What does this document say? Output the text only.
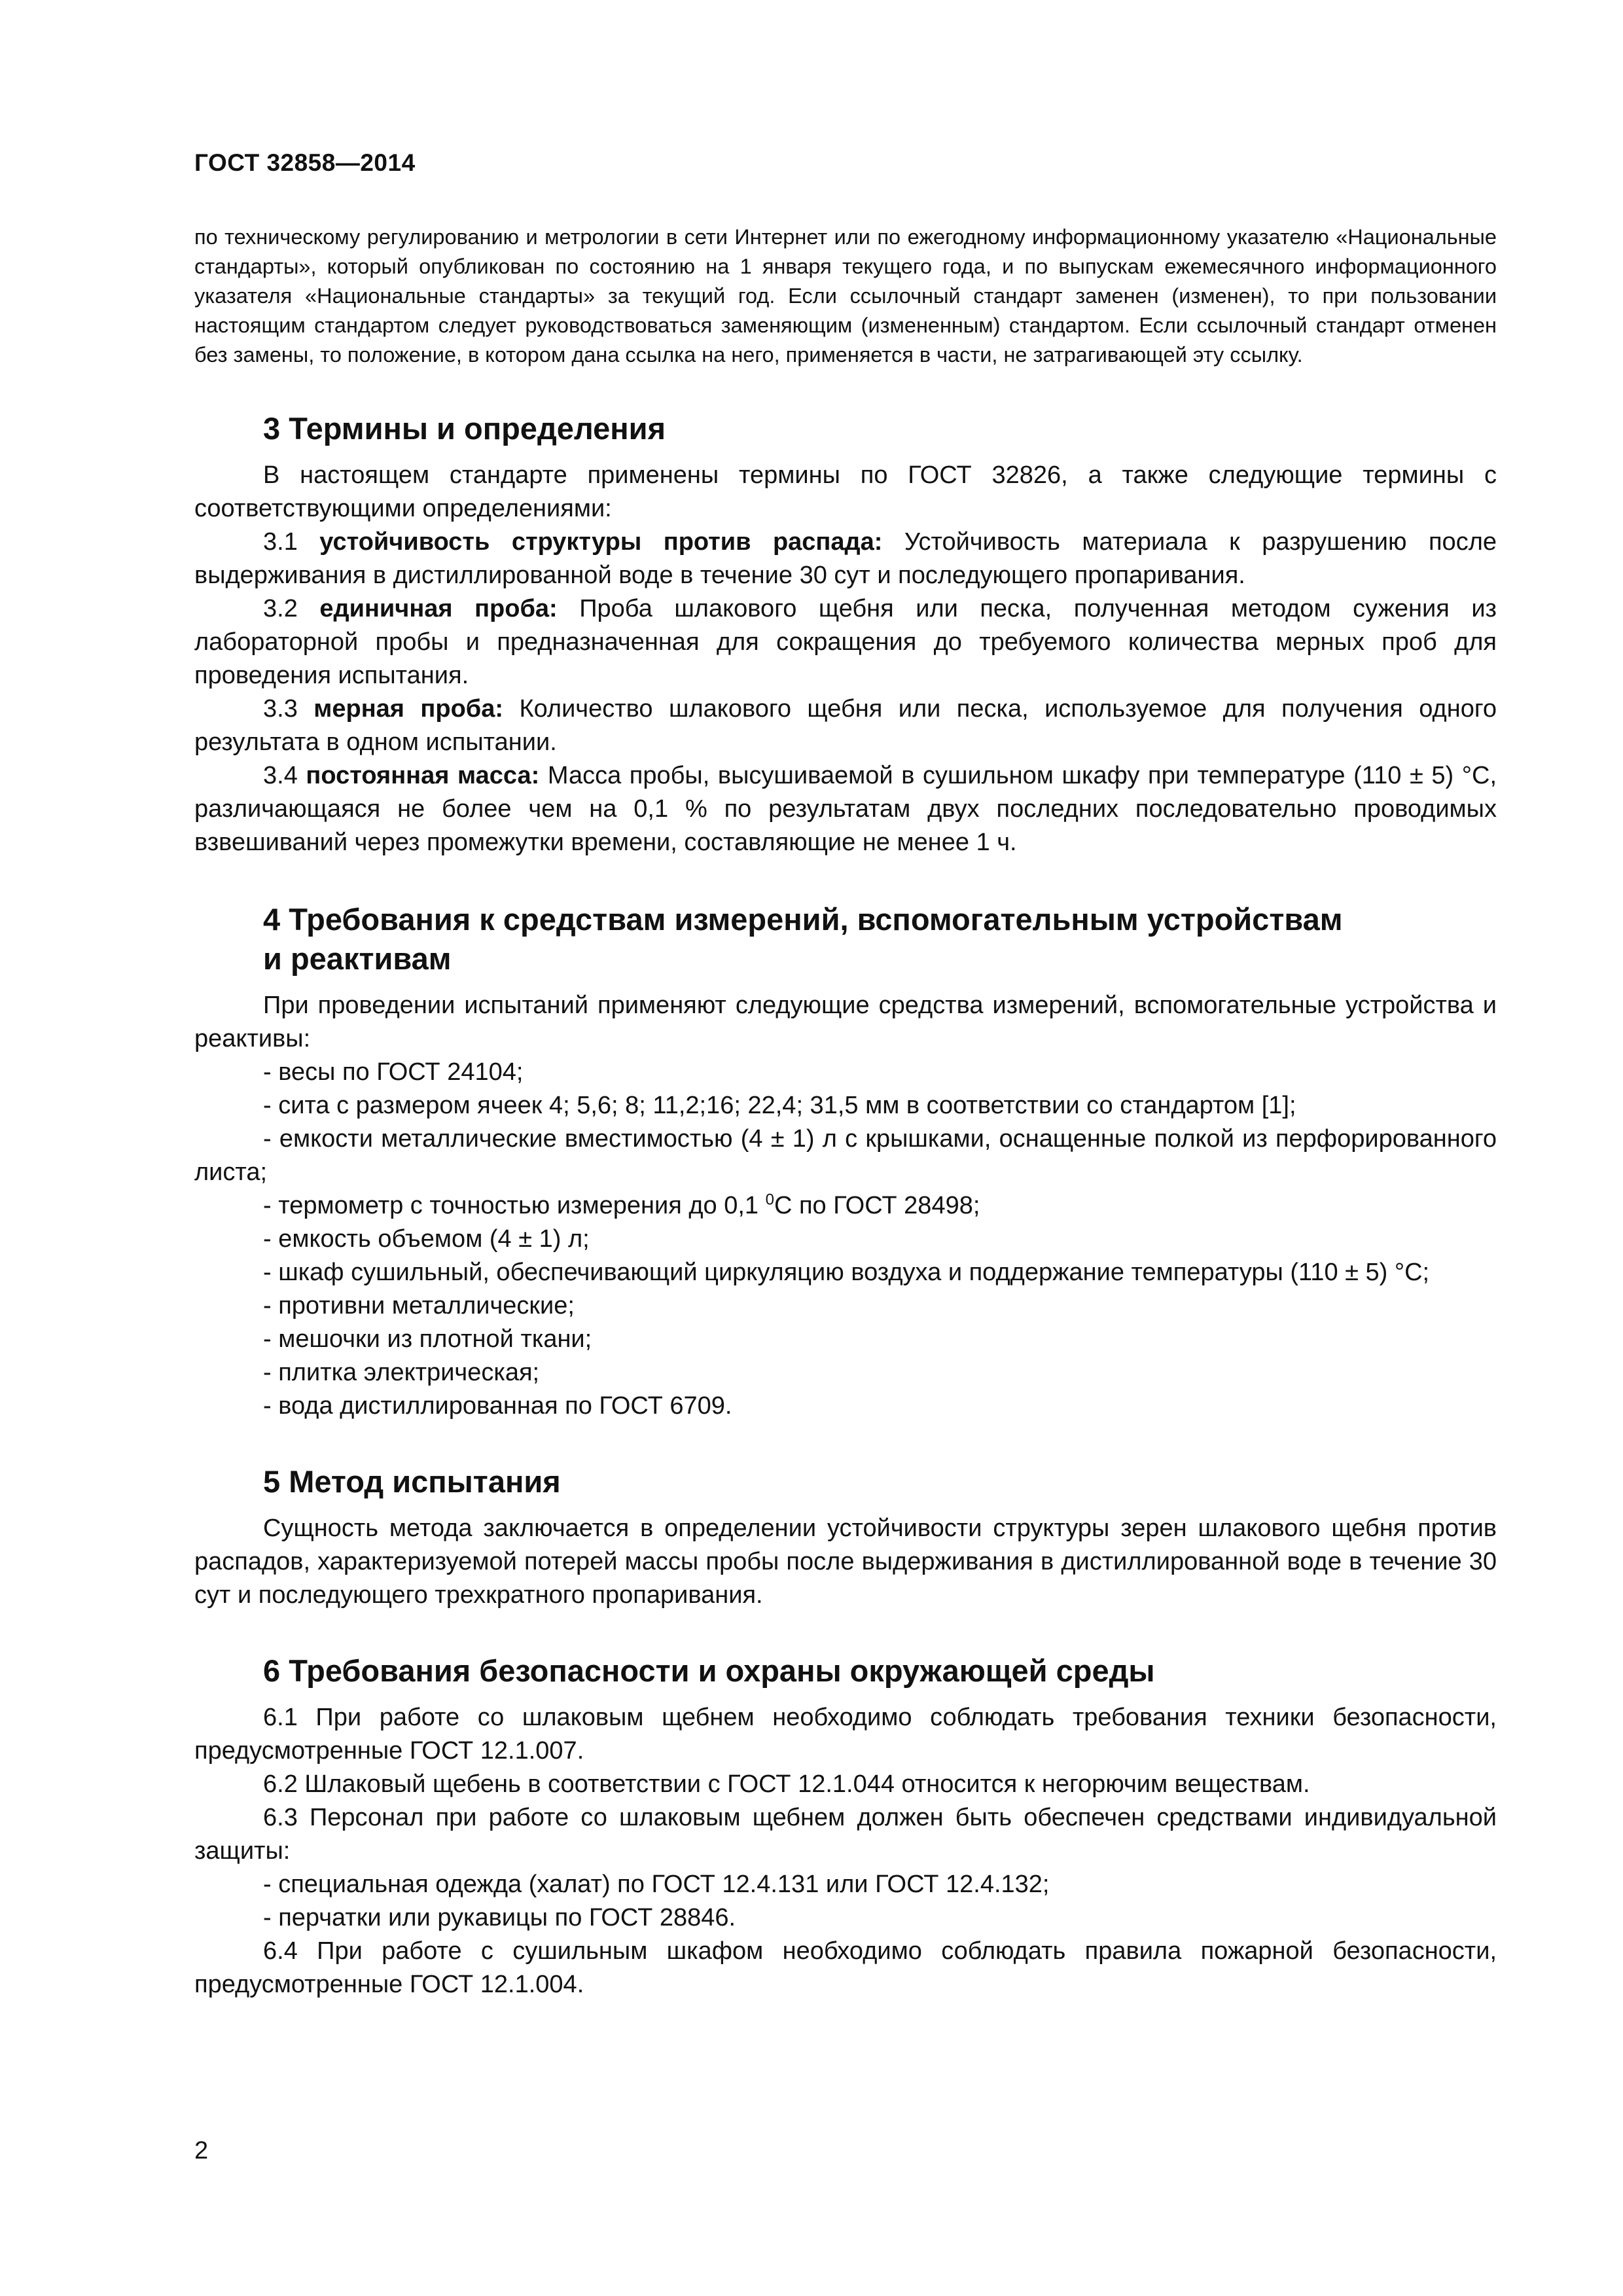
ГОСТ 32858—2014

по техническому регулированию и метрологии в сети Интернет или по ежегодному информационному указателю «Национальные стандарты», который опубликован по состоянию на 1 января текущего года, и по выпускам ежемесячного информационного указателя «Национальные стандарты» за текущий год. Если ссылочный стандарт заменен (изменен), то при пользовании настоящим стандартом следует руководствоваться заменяющим (измененным) стандартом. Если ссылочный стандарт отменен без замены, то положение, в котором дана ссылка на него, применяется в части, не затрагивающей эту ссылку.

3 Термины и определения

В настоящем стандарте применены термины по ГОСТ 32826, а также следующие термины с соответствующими определениями:

3.1 устойчивость структуры против распада: Устойчивость материала к разрушению после выдерживания в дистиллированной воде в течение 30 сут и последующего пропаривания.

3.2 единичная проба: Проба шлакового щебня или песка, полученная методом сужения из лабораторной пробы и предназначенная для сокращения до требуемого количества мерных проб для проведения испытания.

3.3 мерная проба: Количество шлакового щебня или песка, используемое для получения одного результата в одном испытании.

3.4 постоянная масса: Масса пробы, высушиваемой в сушильном шкафу при температуре (110 ± 5) °С, различающаяся не более чем на 0,1 % по результатам двух последних последовательно проводимых взвешиваний через промежутки времени, составляющие не менее 1 ч.

4 Требования к средствам измерений, вспомогательным устройствам
и реактивам

При проведении испытаний применяют следующие средства измерений, вспомогательные устройства и реактивы:

- весы по ГОСТ 24104;

- сита с размером ячеек 4; 5,6; 8; 11,2;16; 22,4; 31,5 мм в соответствии со стандартом [1];

- емкости металлические вместимостью (4 ± 1) л с крышками, оснащенные полкой из перфорированного листа;

- термометр с точностью измерения до 0,1 $^0$С по ГОСТ 28498;

- емкость объемом (4 ± 1) л;

- шкаф сушильный, обеспечивающий циркуляцию воздуха и поддержание температуры (110 ± 5) °С;

- противни металлические;

- мешочки из плотной ткани;

- плитка электрическая;

- вода дистиллированная по ГОСТ 6709.

5 Метод испытания

Сущность метода заключается в определении устойчивости структуры зерен шлакового щебня против распадов, характеризуемой потерей массы пробы после выдерживания в дистиллированной воде в течение 30 сут и последующего трехкратного пропаривания.

6 Требования безопасности и охраны окружающей среды

6.1 При работе со шлаковым щебнем необходимо соблюдать требования техники безопасности, предусмотренные ГОСТ 12.1.007.

6.2 Шлаковый щебень в соответствии с ГОСТ 12.1.044 относится к негорючим веществам.

6.3 Персонал при работе со шлаковым щебнем должен быть обеспечен средствами индивидуальной защиты:

- специальная одежда (халат) по ГОСТ 12.4.131 или ГОСТ 12.4.132;

- перчатки или рукавицы по ГОСТ 28846.

6.4 При работе с сушильным шкафом необходимо соблюдать правила пожарной безопасности, предусмотренные ГОСТ 12.1.004.

2
